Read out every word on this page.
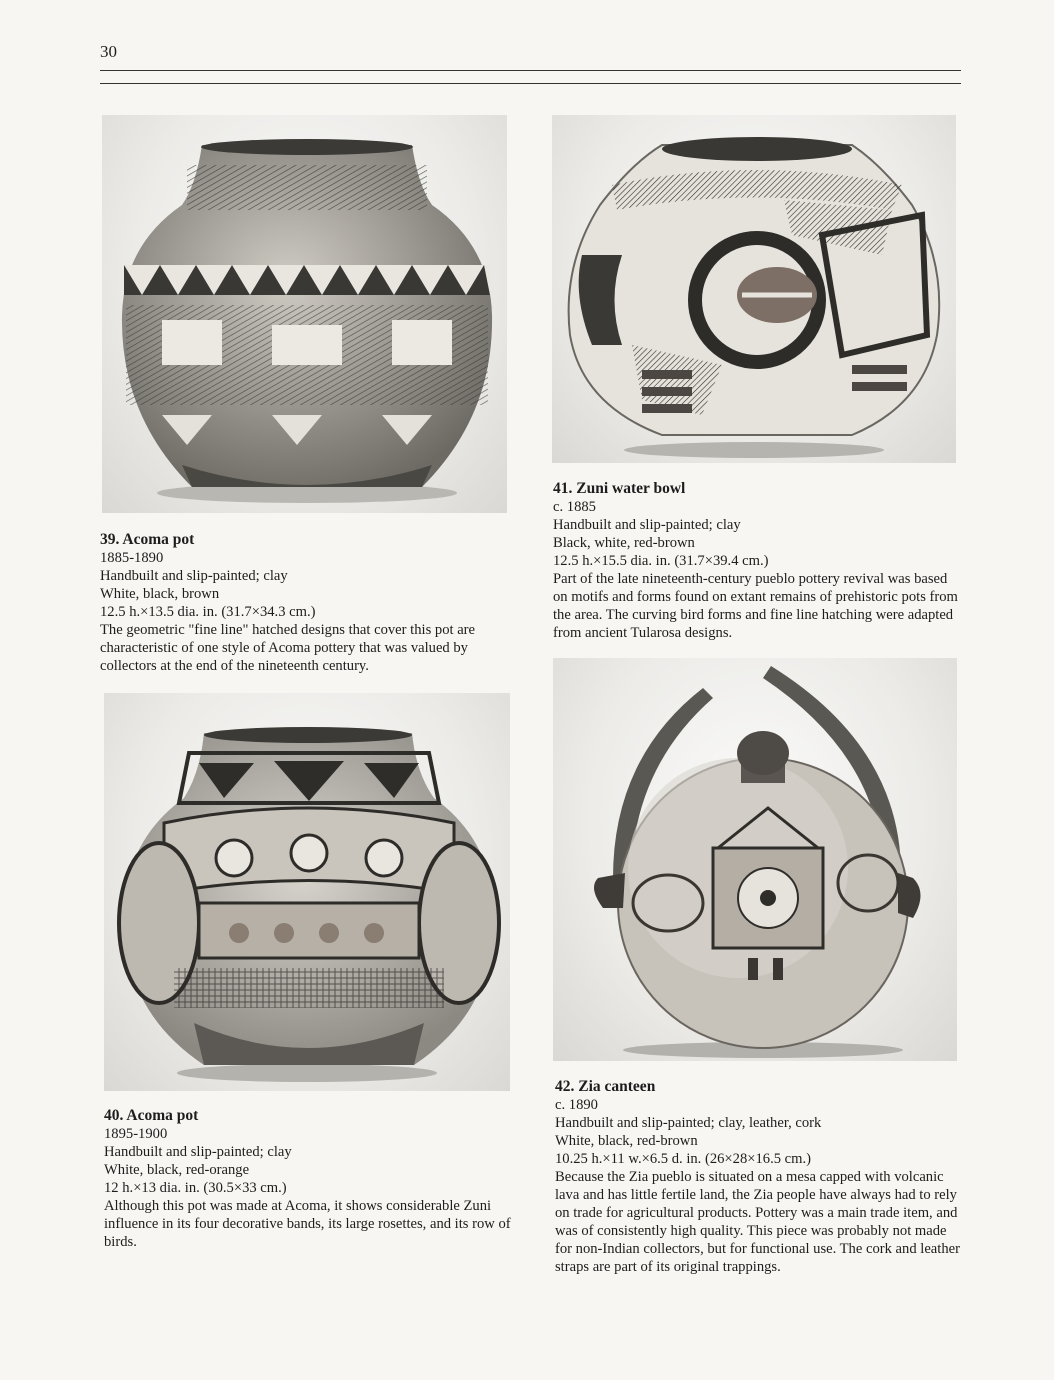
30
39. Acoma pot
1885-1890
Handbuilt and slip-painted; clay
White, black, brown
12.5 h.×13.5 dia. in. (31.7×34.3 cm.)
The geometric "fine line" hatched designs that cover this pot are characteristic of one style of Acoma pottery that was valued by collectors at the end of the nineteenth century.
40. Acoma pot
1895-1900
Handbuilt and slip-painted; clay
White, black, red-orange
12 h.×13 dia. in. (30.5×33 cm.)
Although this pot was made at Acoma, it shows considerable Zuni influence in its four decorative bands, its large rosettes, and its row of birds.
41. Zuni water bowl
c. 1885
Handbuilt and slip-painted; clay
Black, white, red-brown
12.5 h.×15.5 dia. in. (31.7×39.4 cm.)
Part of the late nineteenth-century pueblo pottery revival was based on motifs and forms found on extant remains of prehistoric pots from the area. The curving bird forms and fine line hatching were adapted from ancient Tularosa designs.
42. Zia canteen
c. 1890
Handbuilt and slip-painted; clay, leather, cork
White, black, red-brown
10.25 h.×11 w.×6.5 d. in. (26×28×16.5 cm.)
Because the Zia pueblo is situated on a mesa capped with volcanic lava and has little fertile land, the Zia people have always had to rely on trade for agricultural products. Pottery was a main trade item, and was of consistently high quality. This piece was probably not made for non-Indian collectors, but for functional use. The cork and leather straps are part of its original trappings.
